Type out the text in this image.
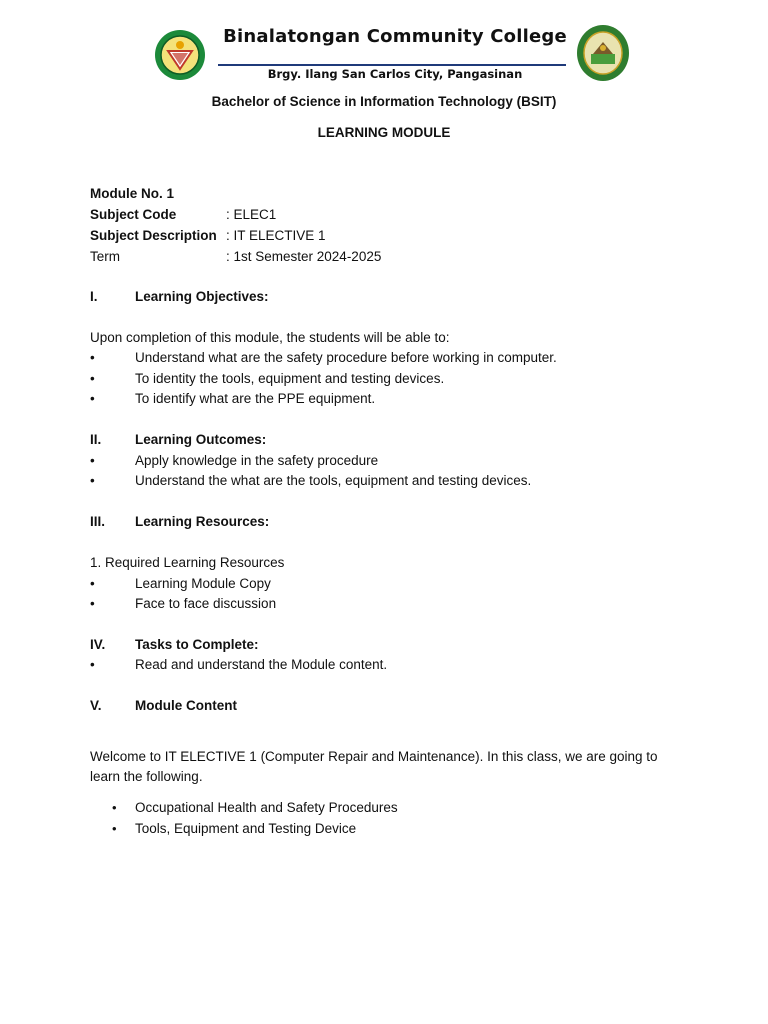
Binalatongan Community College
Brgy. Ilang San Carlos City, Pangasinan
Bachelor of Science in Information Technology (BSIT)
LEARNING MODULE
Module No. 1
Subject Code	: ELEC1
Subject Description : IT ELECTIVE 1
Term	: 1st Semester 2024-2025
I.	Learning Objectives:
Upon completion of this module, the students will be able to:
•	Understand what are the safety procedure before working in computer.
•	To identity the tools, equipment and testing devices.
•	To identify what are the PPE equipment.
II. Learning Outcomes:
•	Apply knowledge in the safety procedure
•	Understand the what are the tools, equipment and testing devices.
III. Learning Resources:
1. Required Learning Resources
•	Learning Module Copy
•	Face to face discussion
IV. Tasks to Complete:
•	Read and understand the Module content.
V. Module Content
Welcome to IT ELECTIVE 1 (Computer Repair and Maintenance). In this class, we are going to learn the following.
• Occupational Health and Safety Procedures
• Tools, Equipment and Testing Device
